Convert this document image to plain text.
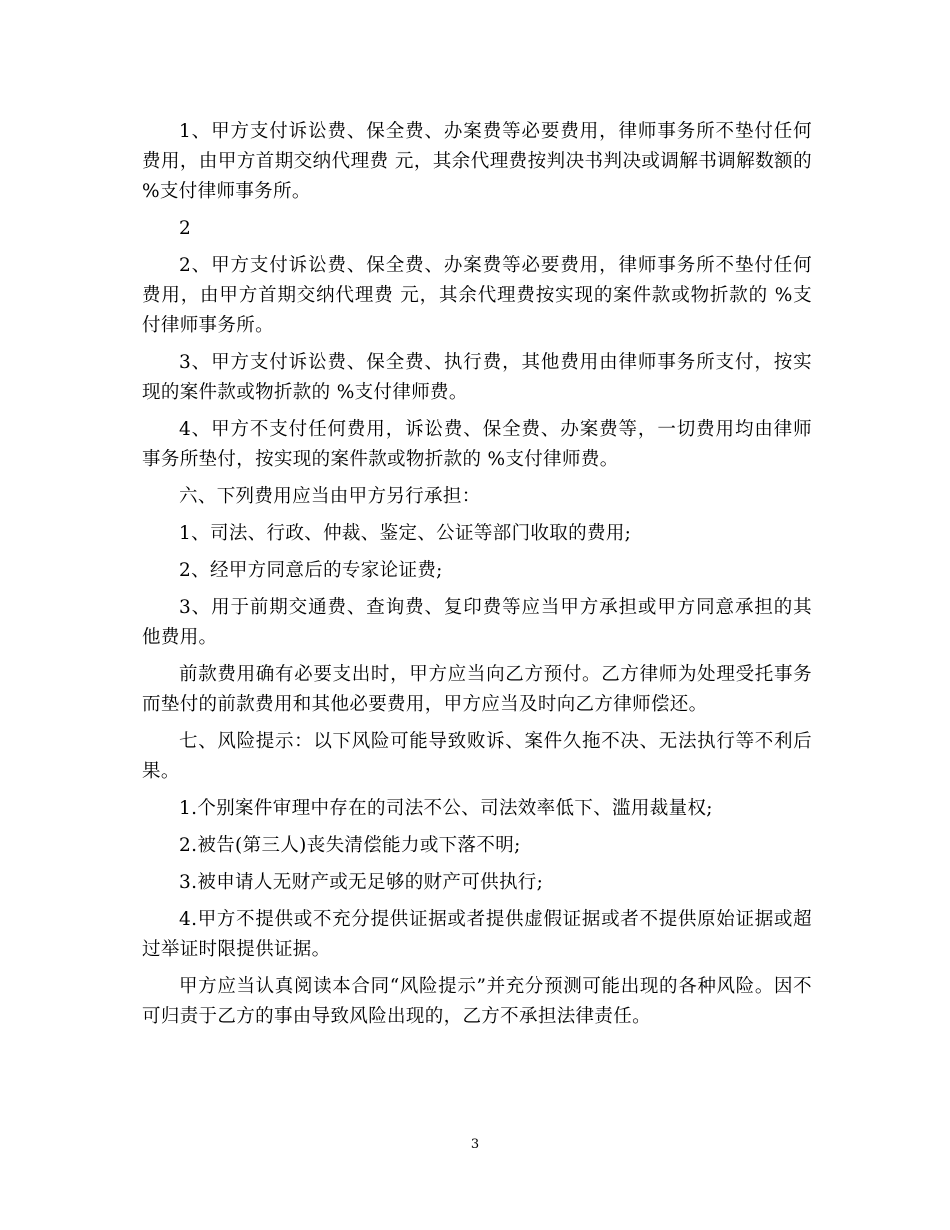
1、甲方支付诉讼费、保全费、办案费等必要费用，律师事务所不垫付任何费用，由甲方首期交纳代理费 元，其余代理费按判决书判决或调解书调解数额的 %支付律师事务所。

2

2、甲方支付诉讼费、保全费、办案费等必要费用，律师事务所不垫付任何费用，由甲方首期交纳代理费 元，其余代理费按实现的案件款或物折款的 %支付律师事务所。

3、甲方支付诉讼费、保全费、执行费，其他费用由律师事务所支付，按实现的案件款或物折款的 %支付律师费。

4、甲方不支付任何费用，诉讼费、保全费、办案费等，一切费用均由律师事务所垫付，按实现的案件款或物折款的 %支付律师费。

六、下列费用应当由甲方另行承担：

1、司法、行政、仲裁、鉴定、公证等部门收取的费用;

2、经甲方同意后的专家论证费;

3、用于前期交通费、查询费、复印费等应当甲方承担或甲方同意承担的其他费用。

前款费用确有必要支出时，甲方应当向乙方预付。乙方律师为处理受托事务而垫付的前款费用和其他必要费用，甲方应当及时向乙方律师偿还。

七、风险提示：以下风险可能导致败诉、案件久拖不决、无法执行等不利后果。

1.个别案件审理中存在的司法不公、司法效率低下、滥用裁量权;

2.被告(第三人)丧失清偿能力或下落不明;

3.被申请人无财产或无足够的财产可供执行;

4.甲方不提供或不充分提供证据或者提供虚假证据或者不提供原始证据或超过举证时限提供证据。

甲方应当认真阅读本合同“风险提示”并充分预测可能出现的各种风险。因不可归责于乙方的事由导致风险出现的，乙方不承担法律责任。

3
